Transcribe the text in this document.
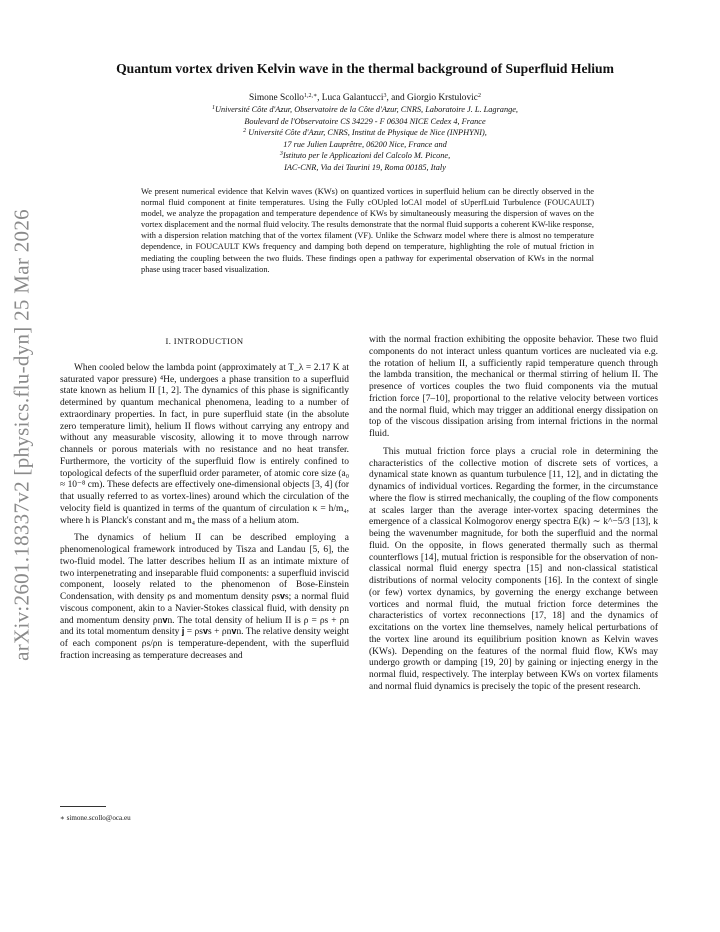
arXiv:2601.18337v2 [physics.flu-dyn] 25 Mar 2026
Quantum vortex driven Kelvin wave in the thermal background of Superfluid Helium
Simone Scollo$^{1,2,∗}$, Luca Galantucci$^3$, and Giorgio Krstulovic$^2$
$^1$Université Côte d'Azur, Observatoire de la Côte d'Azur, CNRS, Laboratoire J. L. Lagrange,
Boulevard de l'Observatoire CS 34229 - F 06304 NICE Cedex 4, France
$^2$ Université Côte d'Azur, CNRS, Institut de Physique de Nice (INPHYNI),
17 rue Julien Lauprêtre, 06200 Nice, France and
$^3$Istituto per le Applicazioni del Calcolo M. Picone,
IAC-CNR, Via dei Taurini 19, Roma 00185, Italy
We present numerical evidence that Kelvin waves (KWs) on quantized vortices in superfluid helium can be directly observed in the normal fluid component at finite temperatures. Using the Fully cOUpled loCAl model of sUperfLuid Turbulence (FOUCAULT) model, we analyze the propagation and temperature dependence of KWs by simultaneously measuring the dispersion of waves on the vortex displacement and the normal fluid velocity. The results demonstrate that the normal fluid supports a coherent KW-like response, with a dispersion relation matching that of the vortex filament (VF). Unlike the Schwarz model where there is almost no temperature dependence, in FOUCAULT KWs frequency and damping both depend on temperature, highlighting the role of mutual friction in mediating the coupling between the two fluids. These findings open a pathway for experimental observation of KWs in the normal phase using tracer based visualization.
I. INTRODUCTION

When cooled below the lambda point (approximately at T_λ = 2.17 K at saturated vapor pressure) ⁴He, undergoes a phase transition to a superfluid state known as helium II [1, 2]. The dynamics of this phase is significantly determined by quantum mechanical phenomena, leading to a number of extraordinary properties. In fact, in pure superfluid state (in the absolute zero temperature limit), helium II flows without carrying any entropy and without any measurable viscosity, allowing it to move through narrow channels or porous materials with no resistance and no heat transfer. Furthermore, the vorticity of the superfluid flow is entirely confined to topological defects of the superfluid order parameter, of atomic core size (a₀ ≈ 10⁻⁸ cm). These defects are effectively one-dimensional objects [3, 4] (for that usually referred to as vortex-lines) around which the circulation of the velocity field is quantized in terms of the quantum of circulation κ = h/m₄, where h is Planck's constant and m₄ the mass of a helium atom.

The dynamics of helium II can be described employing a phenomenological framework introduced by Tisza and Landau [5, 6], the two-fluid model. The latter describes helium II as an intimate mixture of two interpenetrating and inseparable fluid components: a superfluid inviscid component, loosely related to the phenomenon of Bose-Einstein Condensation, with density ρs and momentum density ρs𝐯s; a normal fluid viscous component, akin to a Navier-Stokes classical fluid, with density ρn and momentum density ρn𝐯n. The total density of helium II is ρ = ρs + ρn and its total momentum density 𝐣 = ρs𝐯s + ρn𝐯n. The relative density weight of each component ρs/ρn is temperature-dependent, with the superfluid fraction increasing as temperature decreases and

with the normal fraction exhibiting the opposite behavior. These two fluid components do not interact unless quantum vortices are nucleated via e.g. the rotation of helium II, a sufficiently rapid temperature quench through the lambda transition, the mechanical or thermal stirring of helium II. The presence of vortices couples the two fluid components via the mutual friction force [7–10], proportional to the relative velocity between vortices and the normal fluid, which may trigger an additional energy dissipation on top of the viscous dissipation arising from internal frictions in the normal fluid.

This mutual friction force plays a crucial role in determining the characteristics of the collective motion of discrete sets of vortices, a dynamical state known as quantum turbulence [11, 12], and in dictating the dynamics of individual vortices. Regarding the former, in the circumstance where the flow is stirred mechanically, the coupling of the flow components at scales larger than the average inter-vortex spacing determines the emergence of a classical Kolmogorov energy spectra E(k) ∼ k^−5/3 [13], k being the wavenumber magnitude, for both the superfluid and the normal fluid. On the opposite, in flows generated thermally such as thermal counterflows [14], mutual friction is responsible for the observation of non-classical normal fluid energy spectra [15] and non-classical statistical distributions of normal velocity components [16]. In the context of single (or few) vortex dynamics, by governing the energy exchange between vortices and normal fluid, the mutual friction force determines the characteristics of vortex reconnections [17, 18] and the dynamics of excitations on the vortex line themselves, namely helical perturbations of the vortex line around its equilibrium position known as Kelvin waves (KWs). Depending on the features of the normal fluid flow, KWs may undergo growth or damping [19, 20] by gaining or injecting energy in the normal fluid, respectively. The interplay between KWs on vortex filaments and normal fluid dynamics is precisely the topic of the present research.

∗ simone.scollo@oca.eu
